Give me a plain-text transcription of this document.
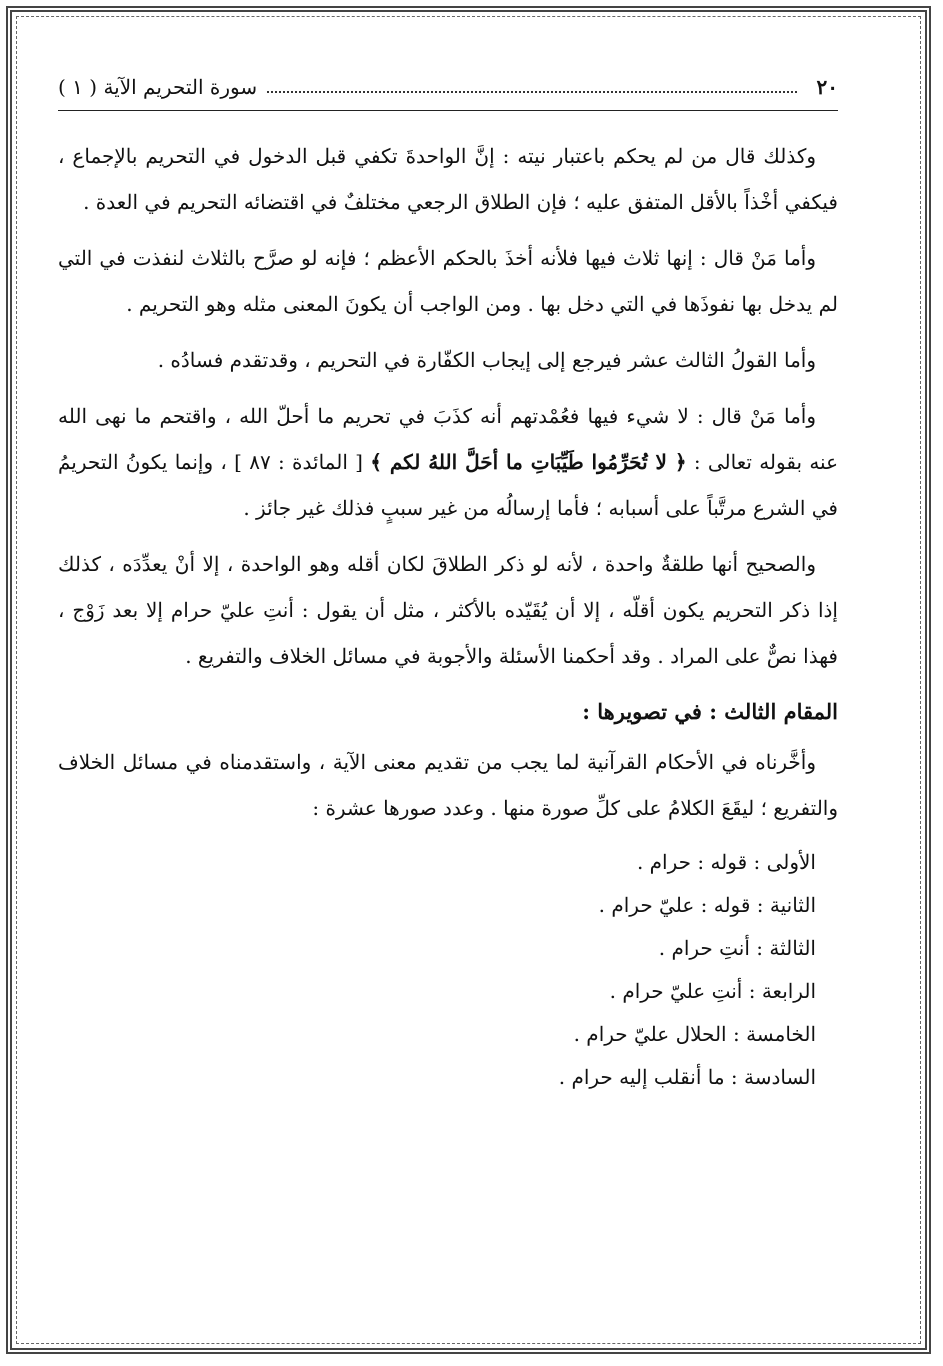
٢٠
سورة التحريم الآية ( ١ )

وكذلك قال من لم يحكم باعتبار نيته : إنَّ الواحدةَ تكفي قبل الدخول في التحريم بالإجماع ، فيكفي أخْذاً بالأقل المتفق عليه ؛ فإن الطلاق الرجعي مختلفٌ في اقتضائه التحريم في العدة .

وأما مَنْ قال : إنها ثلاث فيها فلأنه أخذَ بالحكم الأعظم ؛ فإنه لو صرَّح بالثلاث لنفذت في التي لم يدخل بها نفوذَها في التي دخل بها . ومن الواجب أن يكونَ المعنى مثله وهو التحريم .

وأما القولُ الثالث عشر فيرجع إلى إيجاب الكفّارة في التحريم ، وقدتقدم فسادُه .

وأما مَنْ قال : لا شيء فيها فعُمْدتهم أنه كذَبَ في تحريم ما أحلّ الله ، واقتحم ما نهى الله عنه بقوله تعالى : ﴿ لا تُحَرِّمُوا طَيِّبَاتِ ما أحَلَّ اللهُ لكم ﴾ [ المائدة : ٨٧ ] ، وإنما يكونُ التحريمُ في الشرع مرتَّباً على أسبابه ؛ فأما إرسالُه من غير سببٍ فذلك غير جائز .

والصحيح أنها طلقةٌ واحدة ، لأنه لو ذكر الطلاقَ لكان أقله وهو الواحدة ، إلا أنْ يعدِّدَه ، كذلك إذا ذكر التحريم يكون أقلّه ، إلا أن يُقَيّده بالأكثر ، مثل أن يقول : أنتِ عليّ حرام إلا بعد زَوْج ، فهذا نصٌّ على المراد . وقد أحكمنا الأسئلة والأجوبة في مسائل الخلاف والتفريع .

المقام الثالث : في تصويرها :

وأخَّرناه في الأحكام القرآنية لما يجب من تقديم معنى الآية ، واستقدمناه في مسائل الخلاف والتفريع ؛ ليقَعَ الكلامُ على كلِّ صورة منها . وعدد صورها عشرة :

الأولى : قوله : حرام .
الثانية : قوله : عليّ حرام .
الثالثة : أنتِ حرام .
الرابعة : أنتِ عليّ حرام .
الخامسة : الحلال عليّ حرام .
السادسة : ما أنقلب إليه حرام .
